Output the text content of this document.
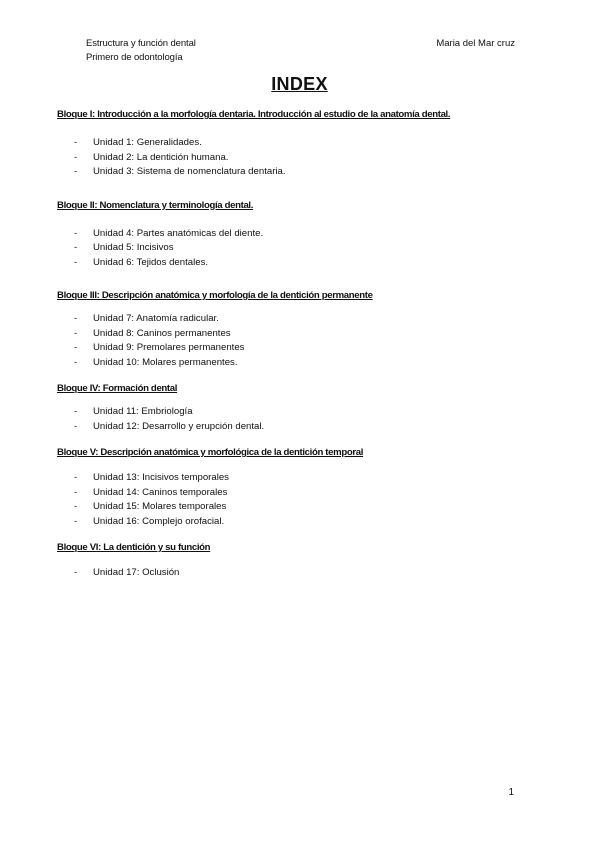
Estructura y función dental
Primero de odontología
Maria del Mar cruz
INDEX
Bloque I: Introducción a la morfología dentaria. Introducción al estudio de la anatomía dental.
- Unidad 1: Generalidades.
- Unidad 2: La dentición humana.
- Unidad 3: Sistema de nomenclatura dentaria.
Bloque II: Nomenclatura y terminología dental.
- Unidad 4: Partes anatómicas del diente.
- Unidad 5: Incisivos
- Unidad 6: Tejidos dentales.
Bloque III: Descripción anatómica y morfología de la dentición permanente
- Unidad 7: Anatomía radicular.
- Unidad 8: Caninos permanentes
- Unidad 9: Premolares permanentes
- Unidad 10: Molares permanentes.
Bloque IV: Formación dental
- Unidad 11: Embriología
- Unidad 12: Desarrollo y erupción dental.
Bloque V: Descripción anatómica y morfológica de la dentición temporal
- Unidad 13: Incisivos temporales
- Unidad 14: Caninos temporales
- Unidad 15: Molares temporales
- Unidad 16: Complejo orofacial.
Bloque VI: La dentición y su función
- Unidad 17: Oclusión
1
